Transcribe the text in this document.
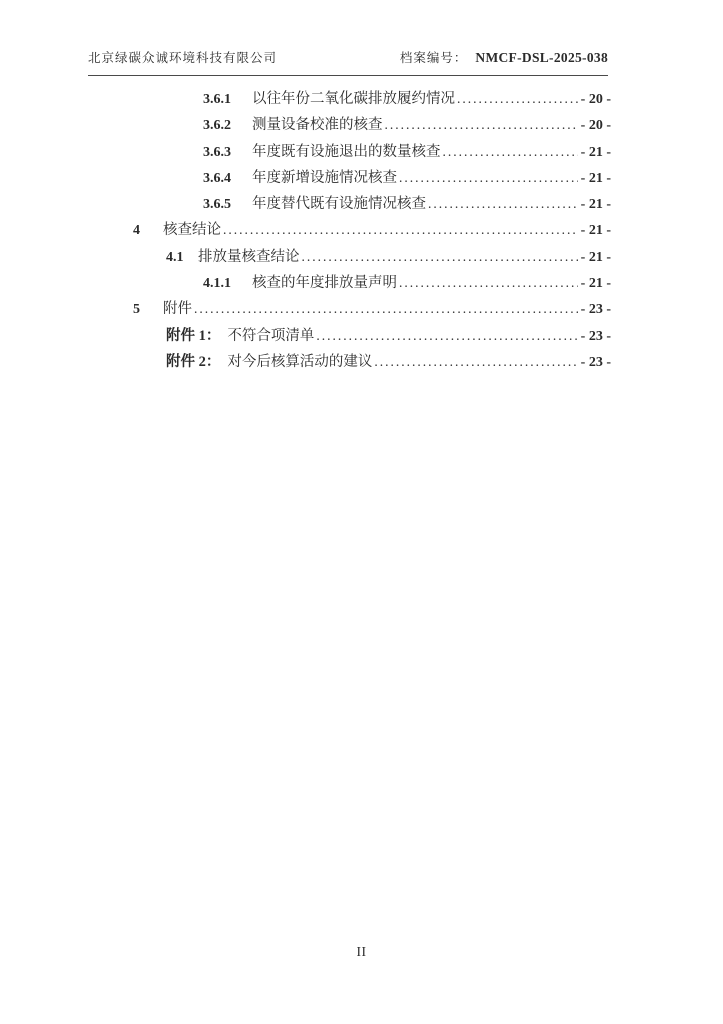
北京绿碳众诚环境科技有限公司	档案编号： NMCF-DSL-2025-038
3.6.1	以往年份二氧化碳排放履约情况 .....	- 20 -
3.6.2	测量设备校准的核查 .....	- 20 -
3.6.3	年度既有设施退出的数量核查 .....	- 21 -
3.6.4	年度新增设施情况核查 .....	- 21 -
3.6.5	年度替代既有设施情况核查 .....	- 21 -
4	核查结论 .....	- 21 -
4.1	排放量核查结论 .....	- 21 -
4.1.1	核查的年度排放量声明 .....	- 21 -
5	附件 .....	- 23 -
附件 1： 不符合项清单 .....	- 23 -
附件 2： 对今后核算活动的建议 .....	- 23 -
II
